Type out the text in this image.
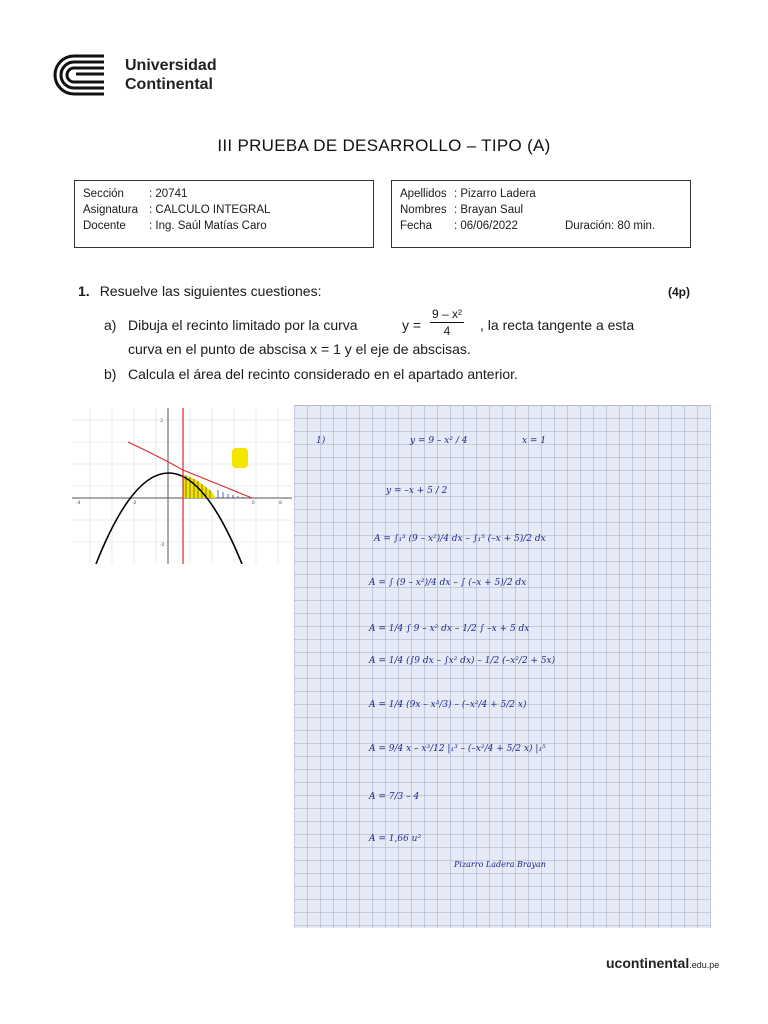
Universidad
Continental
III PRUEBA DE DESARROLLO – TIPO (A)
Sección : 20741
Asignatura : CALCULO INTEGRAL
Docente : Ing. Saúl Matías Caro
Apellidos : Pizarro Ladera
Nombres : Brayan Saul
Fecha : 06/06/2022	Duración: 80 min.
1. Resuelve las siguientes cuestiones:	(4p)
a) Dibuja el recinto limitado por la curva	y =
9 – x²
4	, la recta tangente a esta
curva en el punto de abscisa x = 1 y el eje de abscisas.
b) Calcula el área del recinto considerado en el apartado anterior.
-4	-2	6	8
3
-2
1)	y = 9 – x² / 4	x = 1
y = –x + 5 / 2
A = ∫₁³ (9 – x²)/4 dx – ∫₁⁵ (–x + 5)/2 dx
A = ∫ (9 – x²)/4 dx – ∫ (–x + 5)/2 dx
A = 1/4 ∫ 9 – x² dx – 1/2 ∫ –x + 5 dx
A = 1/4 (∫9 dx – ∫x² dx) – 1/2 (–x²/2 + 5x)
A = 1/4 (9x – x³/3) – (–x²/4 + 5/2 x)
A = 9/4 x – x³/12 |₁³ – (–x²/4 + 5/2 x) |₁⁵
A = 7/3 – 4
A = 1,66 u²
Pizarro Ladera Brayan
ucontinental.edu.pe
